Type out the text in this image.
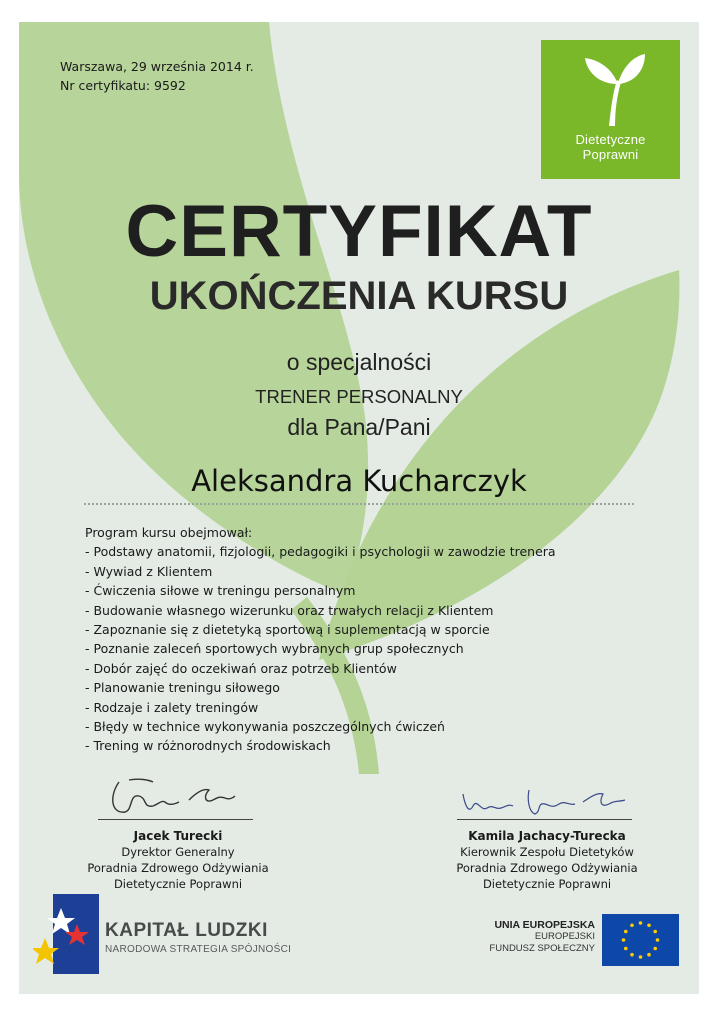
Warszawa, 29 września 2014 r.
Nr certyfikatu: 9592
Dietetyczne
Poprawni
CERTYFIKAT
UKOŃCZENIA KURSU
o specjalności
TRENER PERSONALNY
dla Pana/Pani
Aleksandra Kucharczyk
Program kursu obejmował:
- Podstawy anatomii, fizjologii, pedagogiki i psychologii w zawodzie trenera
- Wywiad z Klientem
- Ćwiczenia siłowe w treningu personalnym
- Budowanie własnego wizerunku oraz trwałych relacji z Klientem
- Zapoznanie się z dietetyką sportową i suplementacją w sporcie
- Poznanie zaleceń sportowych wybranych grup społecznych
- Dobór zajęć do oczekiwań oraz potrzeb Klientów
- Planowanie treningu siłowego
- Rodzaje i zalety treningów
- Błędy w technice wykonywania poszczególnych ćwiczeń
- Trening w różnorodnych środowiskach
Jacek Turecki
Dyrektor Generalny
Poradnia Zdrowego Odżywiania
Dietetycznie Poprawni
Kamila Jachacy-Turecka
Kierownik Zespołu Dietetyków
Poradnia Zdrowego Odżywiania
Dietetycznie Poprawni
KAPITAŁ LUDZKI
NARODOWA STRATEGIA SPÓJNOŚCI
UNIA EUROPEJSKA
EUROPEJSKI
FUNDUSZ SPOŁECZNY
